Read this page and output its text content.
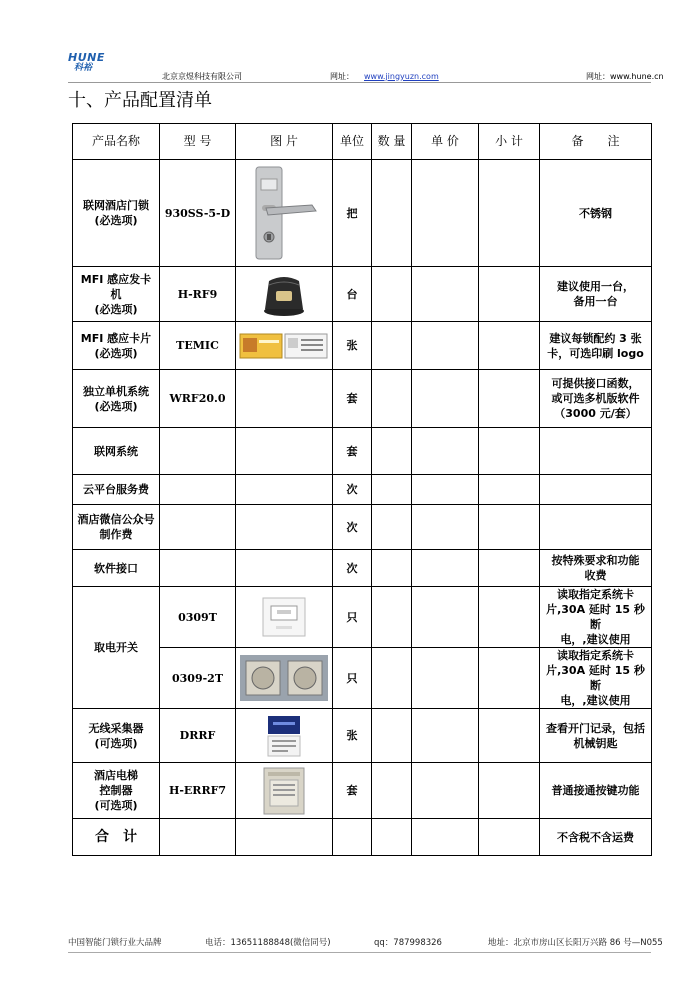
HUNE
科裕
北京京煜科技有限公司	网址： www.jingyuzn.com	网址：www.hune.cn
十、产品配置清单
产品名称	型 号	图 片	单位	数 量	单 价	小 计	备　　注
联网酒店门锁
(必选项)	930SS-5-D		把				不锈钢
MFI 感应发卡
机
(必选项)	H-RF9		台				建议使用一台，
备用一台
MFI 感应卡片
(必选项)	TEMIC		张				建议每锁配约 3 张
卡，可选印刷 logo
独立单机系统
(必选项)	WRF20.0		套				可提供接口函数，
或可选多机版软件
（3000 元/套）
联网系统			套				
云平台服务费			次				
酒店微信公众号
制作费			次				
软件接口			次				按特殊要求和功能
收费
取电开关	0309T		只				读取指定系统卡
片,30A 延时 15 秒断
电，,建议使用
	0309-2T		只				读取指定系统卡
片,30A 延时 15 秒断
电，,建议使用
无线采集器
(可选项)	DRRF		张				查看开门记录，包括
机械钥匙
酒店电梯
控制器
(可选项)	H-ERRF7		套				普通接通按键功能
合　计							不含税不含运费
中国智能门锁行业大品牌	电话：13651188848(微信同号)	qq：787998326	地址：北京市房山区长阳万兴路 86 号—N055
